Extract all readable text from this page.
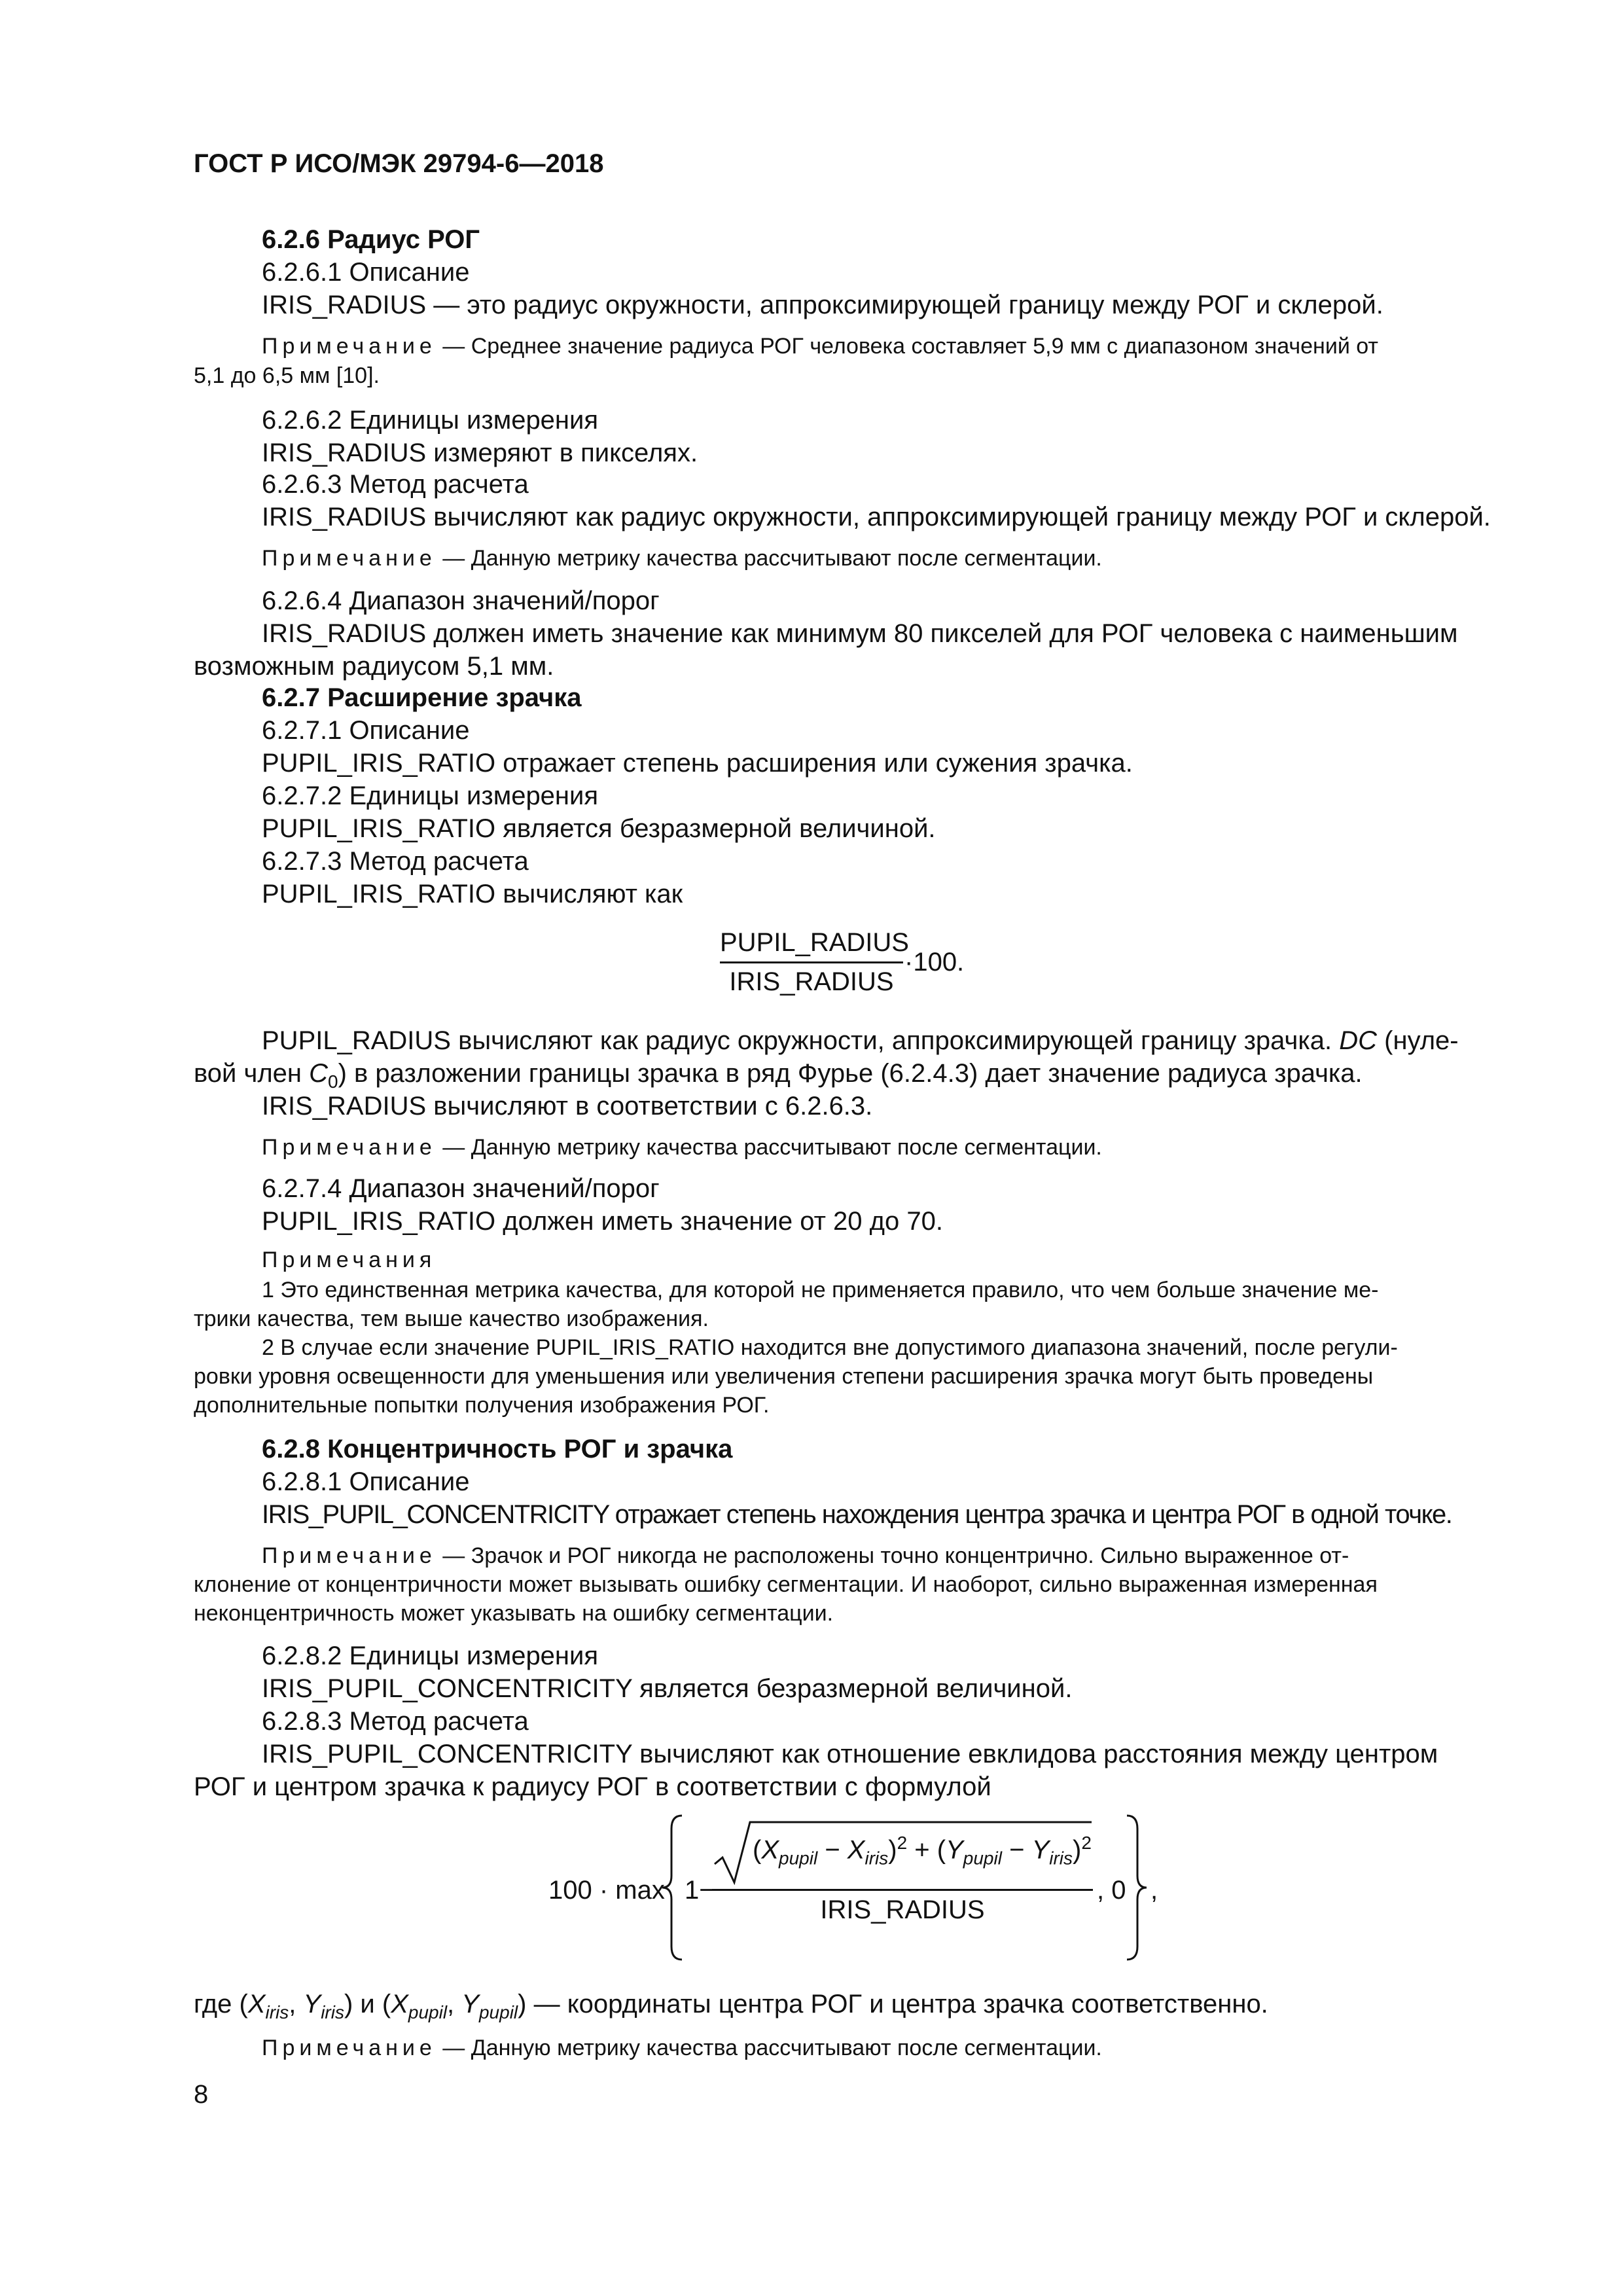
ГОСТ Р ИСО/МЭК 29794-6—2018
6.2.6 Радиус РОГ
6.2.6.1 Описание
IRIS_RADIUS — это радиус окружности, аппроксимирующей границу между РОГ и склерой.
Примечание — Среднее значение радиуса РОГ человека составляет 5,9 мм с диапазоном значений от
5,1 до 6,5 мм [10].
6.2.6.2 Единицы измерения
IRIS_RADIUS измеряют в пикселях.
6.2.6.3 Метод расчета
IRIS_RADIUS вычисляют как радиус окружности, аппроксимирующей границу между РОГ и склерой.
Примечание — Данную метрику качества рассчитывают после сегментации.
6.2.6.4 Диапазон значений/порог
IRIS_RADIUS должен иметь значение как минимум 80 пикселей для РОГ человека с наименьшим
возможным радиусом 5,1 мм.
6.2.7 Расширение зрачка
6.2.7.1 Описание
PUPIL_IRIS_RATIO отражает степень расширения или сужения зрачка.
6.2.7.2 Единицы измерения
PUPIL_IRIS_RATIO является безразмерной величиной.
6.2.7.3 Метод расчета
PUPIL_IRIS_RATIO вычисляют как
PUPIL_RADIUS
IRIS_RADIUS
·100.
PUPIL_RADIUS вычисляют как радиус окружности, аппроксимирующей границу зрачка. DC (нуле-
вой член $C_0$) в разложении границы зрачка в ряд Фурье (6.2.4.3) дает значение радиуса зрачка.
IRIS_RADIUS вычисляют в соответствии с 6.2.6.3.
Примечание — Данную метрику качества рассчитывают после сегментации.
6.2.7.4 Диапазон значений/порог
PUPIL_IRIS_RATIO должен иметь значение от 20 до 70.
Примечания
1 Это единственная метрика качества, для которой не применяется правило, что чем больше значение ме-
трики качества, тем выше качество изображения.
2 В случае если значение PUPIL_IRIS_RATIO находится вне допустимого диапазона значений, после регули-
ровки уровня освещенности для уменьшения или увеличения степени расширения зрачка могут быть проведены
дополнительные попытки получения изображения РОГ.
6.2.8 Концентричность РОГ и зрачка
6.2.8.1 Описание
IRIS_PUPIL_CONCENTRICITY отражает степень нахождения центра зрачка и центра РОГ в одной точке.
Примечание — Зрачок и РОГ никогда не расположены точно концентрично. Сильно выраженное от-
клонение от концентричности может вызывать ошибку сегментации. И наоборот, сильно выраженная измеренная
неконцентричность может указывать на ошибку сегментации.
6.2.8.2 Единицы измерения
IRIS_PUPIL_CONCENTRICITY является безразмерной величиной.
6.2.8.3 Метод расчета
IRIS_PUPIL_CONCENTRICITY вычисляют как отношение евклидова расстояния между центром
РОГ и центром зрачка к радиусу РОГ в соответствии с формулой
100 · max 1−
$(X_{pupil} - X_{iris})^2 + (Y_{pupil} - Y_{iris})^2$
IRIS_RADIUS
, 0 ,
где ($X_{iris}$, $Y_{iris}$) и ($X_{pupil}$, $Y_{pupil}$) — координаты центра РОГ и центра зрачка соответственно.
Примечание — Данную метрику качества рассчитывают после сегментации.
8
